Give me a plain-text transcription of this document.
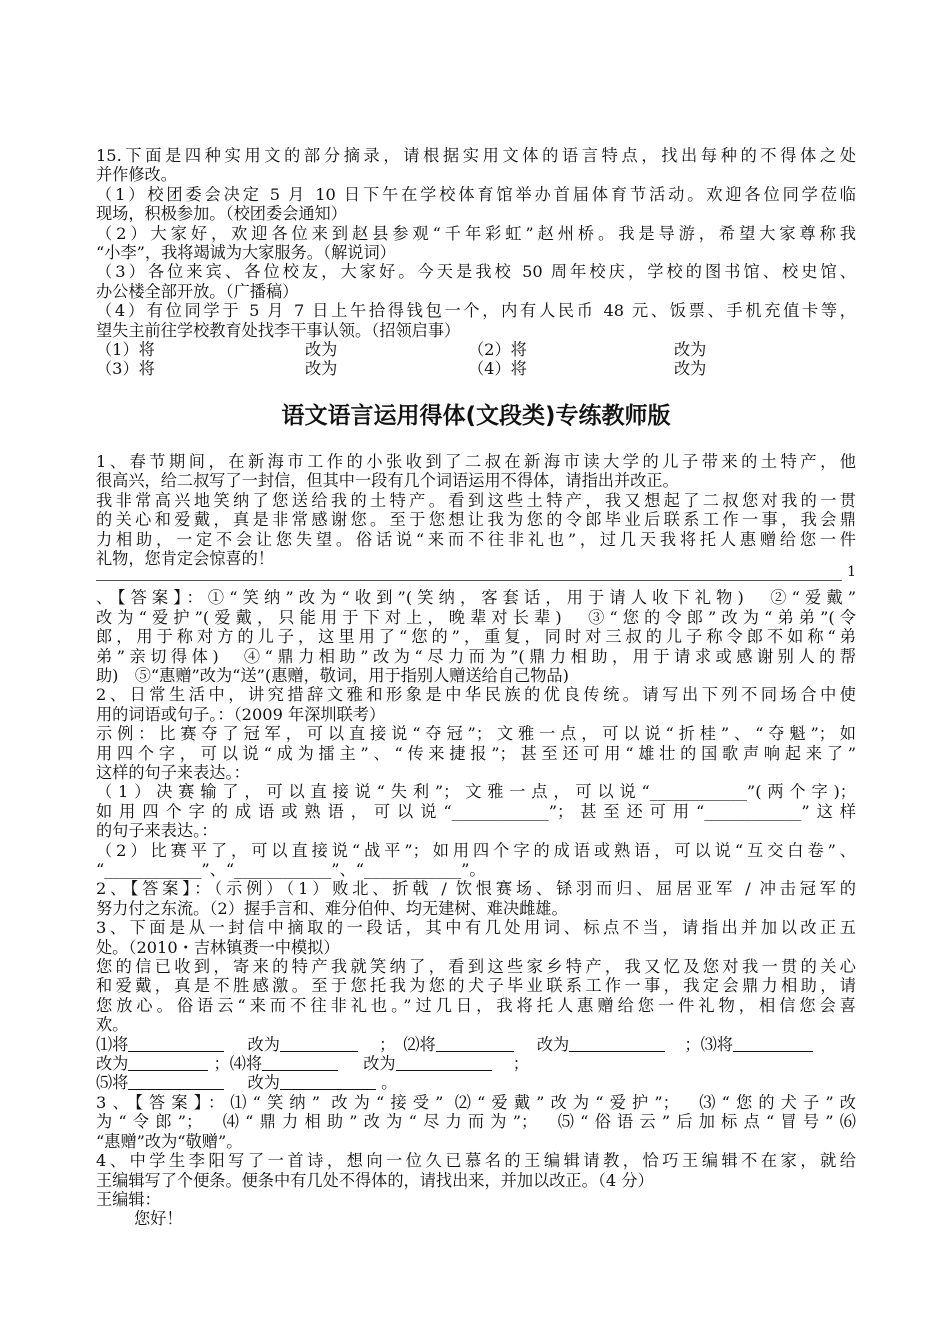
15.下面是四种实用文的部分摘录，请根据实用文体的语言特点，找出每种的不得体之处
并作修改。
（1）校团委会决定 5 月 10 日下午在学校体育馆举办首届体育节活动。欢迎各位同学莅临
现场，积极参加。（校团委会通知）
（2）大家好，欢迎各位来到赵县参观“千年彩虹”赵州桥。我是导游，希望大家尊称我
“小李”，我将竭诚为大家服务。（解说词）
（3）各位来宾、各位校友，大家好。今天是我校 50 周年校庆，学校的图书馆、校史馆、
办公楼全部开放。（广播稿）
（4）有位同学于 5 月 7 日上午拾得钱包一个，内有人民币 48 元、饭票、手机充值卡等，
望失主前往学校教育处找李干事认领。（招领启事）
（1）将	改为	（2）将	改为
（3）将	改为	（4）将	改为
语文语言运用得体(文段类)专练教师版
1、春节期间，在新海市工作的小张收到了二叔在新海市读大学的儿子带来的土特产，他
很高兴，给二叔写了一封信，但其中一段有几个词语运用不得体，请指出并改正。
我非常高兴地笑纳了您送给我的土特产。看到这些土特产，我又想起了二叔您对我的一贯
的关心和爱戴，真是非常感谢您。至于您想让我为您的令郎毕业后联系工作一事，我会鼎
力相助，一定不会让您失望。俗话说“来而不往非礼也”，过几天我将托人惠赠给您一件
礼物，您肯定会惊喜的！
1
、【答案】：①“笑纳”改为“收到”(笑纳，客套话，用于请人收下礼物)　②“爱戴”
改为“爱护”(爱戴，只能用于下对上，晚辈对长辈)　③“您的令郎”改为“弟弟”(令
郎，用于称对方的儿子，这里用了“您的”，重复，同时对三叔的儿子称令郎不如称“弟
弟”亲切得体)　④“鼎力相助”改为“尽力而为”(鼎力相助，用于请求或感谢别人的帮
助)　⑤“惠赠”改为“送”(惠赠，敬词，用于指别人赠送给自己物品)
2、日常生活中，讲究措辞文雅和形象是中华民族的优良传统。请写出下列不同场合中使
用的词语或句子。：（2009 年深圳联考）
示例：比赛夺了冠军，可以直接说“夺冠”；文雅一点，可以说“折桂”、“夺魁”；如
用四个字，可以说“成为擂主”、“传来捷报”；甚至还可用“雄壮的国歌声响起来了”
这样的句子来表达。：
（1）决赛输了，可以直接说“失利”；文雅一点，可以说“____________”(两个字)；
如用四个字的成语或熟语，可以说“____________”；甚至还可用“____________”这样
的句子来表达。：
（2）比赛平了，可以直接说“战平”；如用四个字的成语或熟语，可以说“互交白卷”、
“____________”、“____________”、“____________”。
2、【答案】：（示例）（1）败北、折戟 / 饮恨赛场、铩羽而归、屈居亚军 / 冲击冠军的
努力付之东流。（2）握手言和、难分伯仲、均无建树、难决雌雄。
3、下面是从一封信中摘取的一段话，其中有几处用词、标点不当，请指出并加以改正五
处。（2010・吉林镇赉一中模拟）
您的信已收到，寄来的特产我就笑纳了，看到这些家乡特产，我又忆及您对我一贯的关心
和爱戴，真是不胜感激。至于您托我为您的犬子毕业联系工作一事，我定会鼎力相助，请
您放心。俗语云“来而不往非礼也。”过几日，我将托人惠赠给您一件礼物，相信您会喜
欢。
⑴将	改为	；　⑵将	改为	；⑶将
改为	；⑷将	改为	；
⑸将	改为	。
3、【答案】：⑴“笑纳” 改为“接受” ⑵“爱戴”改为“爱护”；　⑶“您的犬子”改
为“令郎”；　⑷“鼎力相助”改为“尽力而为”；　⑸“俗语云”后加标点“冒号”⑹
“惠赠”改为“敬赠”。
4、中学生李阳写了一首诗，想向一位久已慕名的王编辑请教，恰巧王编辑不在家，就给
王编辑写了个便条。便条中有几处不得体的，请找出来，并加以改正。（4 分）
王编辑：
您好！
